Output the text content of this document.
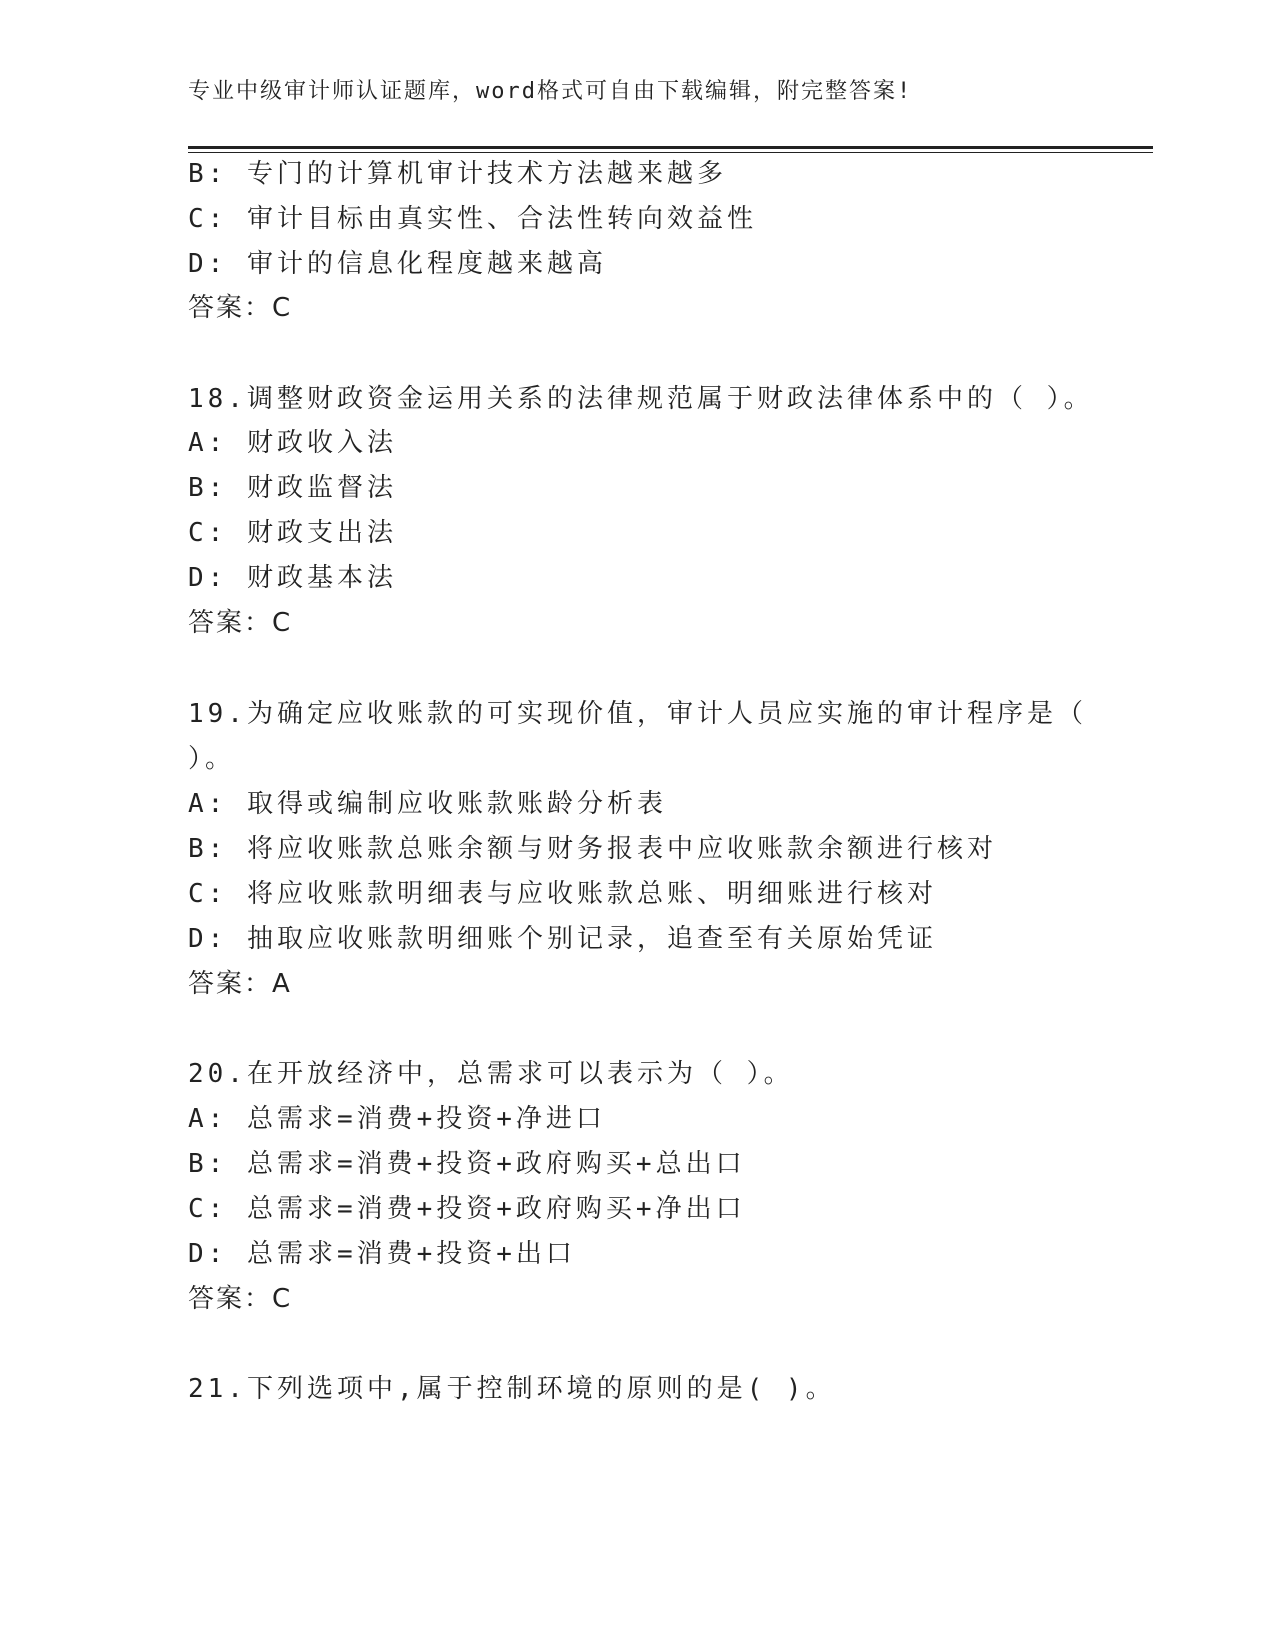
专业中级审计师认证题库，word格式可自由下载编辑，附完整答案!
B: 专门的计算机审计技术方法越来越多
C: 审计目标由真实性、合法性转向效益性
D: 审计的信息化程度越来越高
答案：C
18.调整财政资金运用关系的法律规范属于财政法律体系中的（ ）。
A: 财政收入法
B: 财政监督法
C: 财政支出法
D: 财政基本法
答案：C
19.为确定应收账款的可实现价值，审计人员应实施的审计程序是（
）。
A: 取得或编制应收账款账龄分析表
B: 将应收账款总账余额与财务报表中应收账款余额进行核对
C: 将应收账款明细表与应收账款总账、明细账进行核对
D: 抽取应收账款明细账个别记录，追查至有关原始凭证
答案：A
20.在开放经济中，总需求可以表示为（ ）。
A: 总需求=消费+投资+净进口
B: 总需求=消费+投资+政府购买+总出口
C: 总需求=消费+投资+政府购买+净出口
D: 总需求=消费+投资+出口
答案：C
21.下列选项中,属于控制环境的原则的是( )。
